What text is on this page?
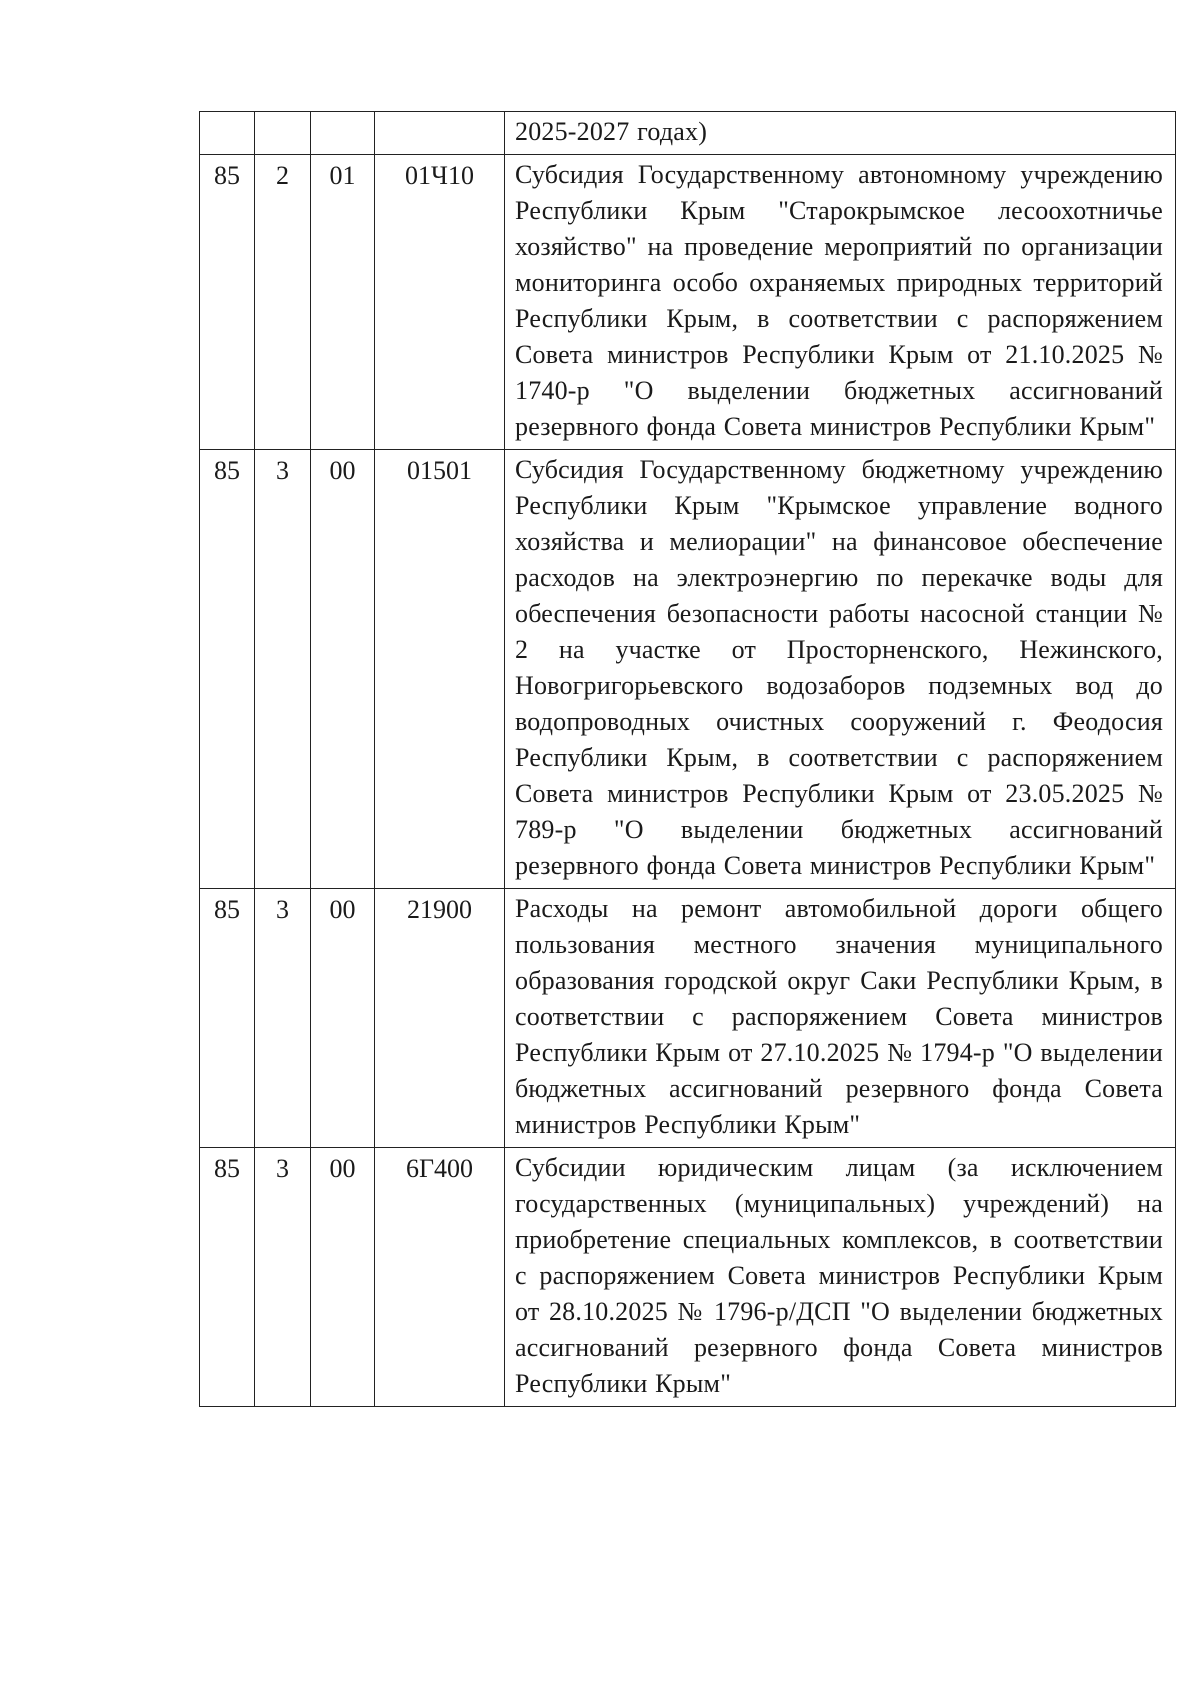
				2025-2027 годах)
85	2	01	01Ч10	Субсидия Государственному автономному учреждению Республики Крым "Старокрымское лесоохотничье хозяйство" на проведение мероприятий по организации мониторинга особо охраняемых природных территорий Республики Крым, в соответствии с распоряжением Совета министров Республики Крым от 21.10.2025 № 1740-р "О выделении бюджетных ассигнований резервного фонда Совета министров Республики Крым"
85	3	00	01501	Субсидия Государственному бюджетному учреждению Республики Крым "Крымское управление водного хозяйства и мелиорации" на финансовое обеспечение расходов на электроэнергию по перекачке воды для обеспечения безопасности работы насосной станции № 2 на участке от Просторненского, Нежинского, Новогригорьевского водозаборов подземных вод до водопроводных очистных сооружений г. Феодосия Республики Крым, в соответствии с распоряжением Совета министров Республики Крым от 23.05.2025 № 789-р "О выделении бюджетных ассигнований резервного фонда Совета министров Республики Крым"
85	3	00	21900	Расходы на ремонт автомобильной дороги общего пользования местного значения муниципального образования городской округ Саки Республики Крым, в соответствии с распоряжением Совета министров Республики Крым от 27.10.2025 № 1794-р "О выделении бюджетных ассигнований резервного фонда Совета министров Республики Крым"
85	3	00	6Г400	Субсидии юридическим лицам (за исключением государственных (муниципальных) учреждений) на приобретение специальных комплексов, в соответствии с распоряжением Совета министров Республики Крым от 28.10.2025 № 1796-р/ДСП "О выделении бюджетных ассигнований резервного фонда Совета министров Республики Крым"
